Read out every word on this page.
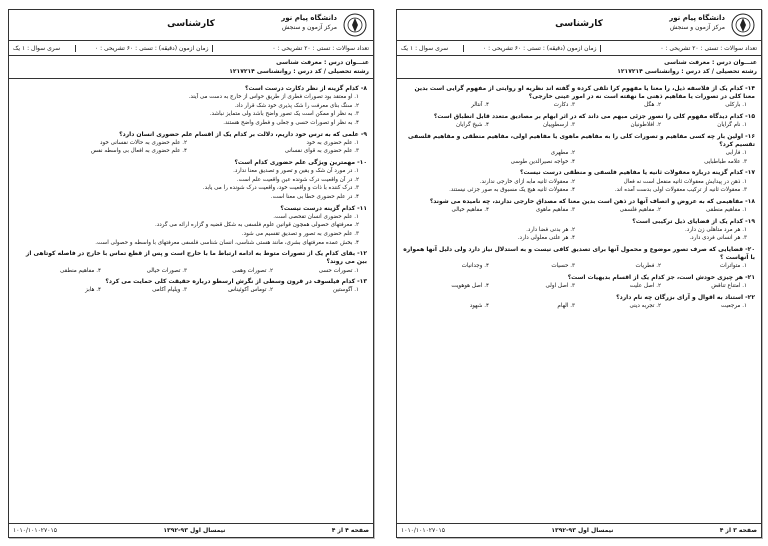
دانشگاه پیام نور
مرکز آزمون و سنجش
کارشناسی
تعداد سوالات : تستی : ۲۰ تشریحی : ۰
زمان آزمون (دقیقه) : تستی : ۶۰ تشریحی : ۰
سری سوال : ۱ یک
عنـــوان درس : معرفت شناسی
رشته تحصیلی / کد درس : روانشناسی ۱۲۱۷۲۱۴
۱۴- کدام یک از فلاسفه ذیل، را معنا یا مفهوم کرا تلقی کرده و گفته اند نظریه او روایتی از مفهوم گرایی است بدین معنا کلی در تصورات یا مفاهیم ذهنی ما نهفته است نه در امور عینی خارجی؟
۱. بارکلی
۲. هگل
۳. دکارت
۴. آنتالر
۱۵- کدام دیدگاه مفهوم کلی را تصور جزئی مبهم می داند که در اثر ابهام بر مصادیق متعدد قابل انطباق است؟
۱. نام گرایان
۲. افلاطونیان
۳. ارسطوییان
۴. شیخ گرایان
۱۶- اولین بار چه کسی مفاهیم و تصورات کلی را به مفاهیم ماهوی یا مفاهیم اولی، مفاهیم منطقی و مفاهیم فلسفی تقسیم کرد؟
۱. فارابی
۲. مطهری
۳. علامه طباطبایی
۴. خواجه نصیرالدین طوسی
۱۷- کدام گزینه درباره معقولات ثانیه یا مفاهیم فلسفی و منطقی درست نیست؟
۱. ذهن در پیدایش معقولات ثانیه منفعل است نه فعال
۲. معقولات ثانیه مابه ازای خارجی ندارند.
۳. معقولات ثانیه از ترکیب معقولات اولی بدست آمده اند.
۴. معقولات ثانیه هیچ یک مسبوق به صور جزئی نیستند.
۱۸- مفاهیمی که به عروض و اتصاف آنها در ذهن است بدین معنا که مصداق خارجی ندارند، چه نامیده می شوند؟
۱. مفاهیم منطقی
۲. مفاهیم فلسفی
۳. مفاهیم ماهوی
۴. مفاهیم خیالی
۱۹- کدام یک از قضایای ذیل ترکیبی است؟
۱. هر مرد متأهلی زن دارد.
۲. هر بدنی فضا دارد.
۳. هر انسانی فردی دارد.
۴. هر علتی معلولی دارد.
۲۰- قضایایی که صرف تصور موضوع و محمول آنها برای تصدیق کافی نیست و به استدلال نیاز دارد ولی دلیل آنها همواره با آنهاست ؟
۱. متواترات
۲. فطریات
۳. حسیات
۴. وجدانیات
۲۱- هر چیزی خودش است، جز کدام یک از اقسام بدیهیات است؟
۱. امتناع تناقض
۲. اصل علیت
۳. اصل اولی
۴. اصل هوهویت
۲۲- استناد به اقوال و آرای بزرگان چه نام دارد؟
۱. مرجعیت
۲. تجربه دینی
۳. الهام
۴. شهود
صفحه ۳ از ۴
نیمسال اول ۹۳-۱۳۹۲
۱۰۱۰/۱۰۱۰۲۷۰۱۵
دانشگاه پیام نور
مرکز آزمون و سنجش
کارشناسی
تعداد سوالات : تستی : ۲۰ تشریحی : ۰
زمان آزمون (دقیقه) : تستی : ۶۰ تشریحی : ۰
سری سوال : ۱ یک
عنـــوان درس : معرفت شناسی
رشته تحصیلی / کد درس : روانشناسی ۱۲۱۷۲۱۴
۸- کدام گزینه از نظر دکارت درست است؟
۱. او معتقد بود تصورات فطری از طریق حواس از خارج به دست می آیند.
۲. سنگ بنای معرفت را شک پذیری خود شک قرار داد.
۳. به نظر او ممکن است یک تصور واضح باشد ولی متمایز نباشد.
۴. به نظر او تصورات حسی و جعلی و فطری واضح هستند.
۹- علمی که به ترس خود داریم، دلالت بر کدام یک از اقسام علم حضوری انسان دارد؟
۱. علم حضوری به خود
۲. علم حضوری به حالات نفسانی خود
۳. علم حضوری به قوای نفسانی
۴. علم حضوری به افعال بی واسطه نفس
۱۰- مهمترین ویژگی علم حضوری کدام است؟
۱. در مورد آن شک و یقین و تصور و تصدیق معنا ندارد.
۲. در آن واقعیت درک شونده عین واقعیت علم است.
۳. درک کننده با ذات و واقعیت خود، واقعیت درک شونده را می یابد.
۴. در علم حضوری خطا بی معنا است.
۱۱- کدام گزینه درست نیست؟
۱. علم حضوری انسان تفحصی است.
۲. معرفتهای حصولی همچون قوانین علوم فلسفی به شکل قضیه و گزاره ارائه می گردد.
۳. علم حضوری به تصور و تصدیق تقسیم می شود.
۴. بخش عمده معرفتهای بشری، مانند هستی شناسی، انسان شناسی فلسفی معرفتهای با واسطه و حصولی است.
۱۲- بقای کدام یک از تصورات متوط به ادامه ارتباط ما با خارج است و پس از قطع تماس با خارج در فاصله کوتاهی از بین می روند؟
۱. تصورات حسی
۲. تصورات وهمی
۳. تصورات خیالی
۴. مفاهیم منطقی
۱۳- کدام فیلسوف در قرون وسطی از نگرش ارسطو درباره حقیقت کلی حمایت می کرد؟
۱. آگوستین
۲. توماس آکوئیناس
۳. ویلیام آکامی
۴. هابز
صفحه ۴ از ۴
نیمسال اول ۹۳-۱۳۹۲
۱۰۱۰/۱۰۱۰۲۷۰۱۵
